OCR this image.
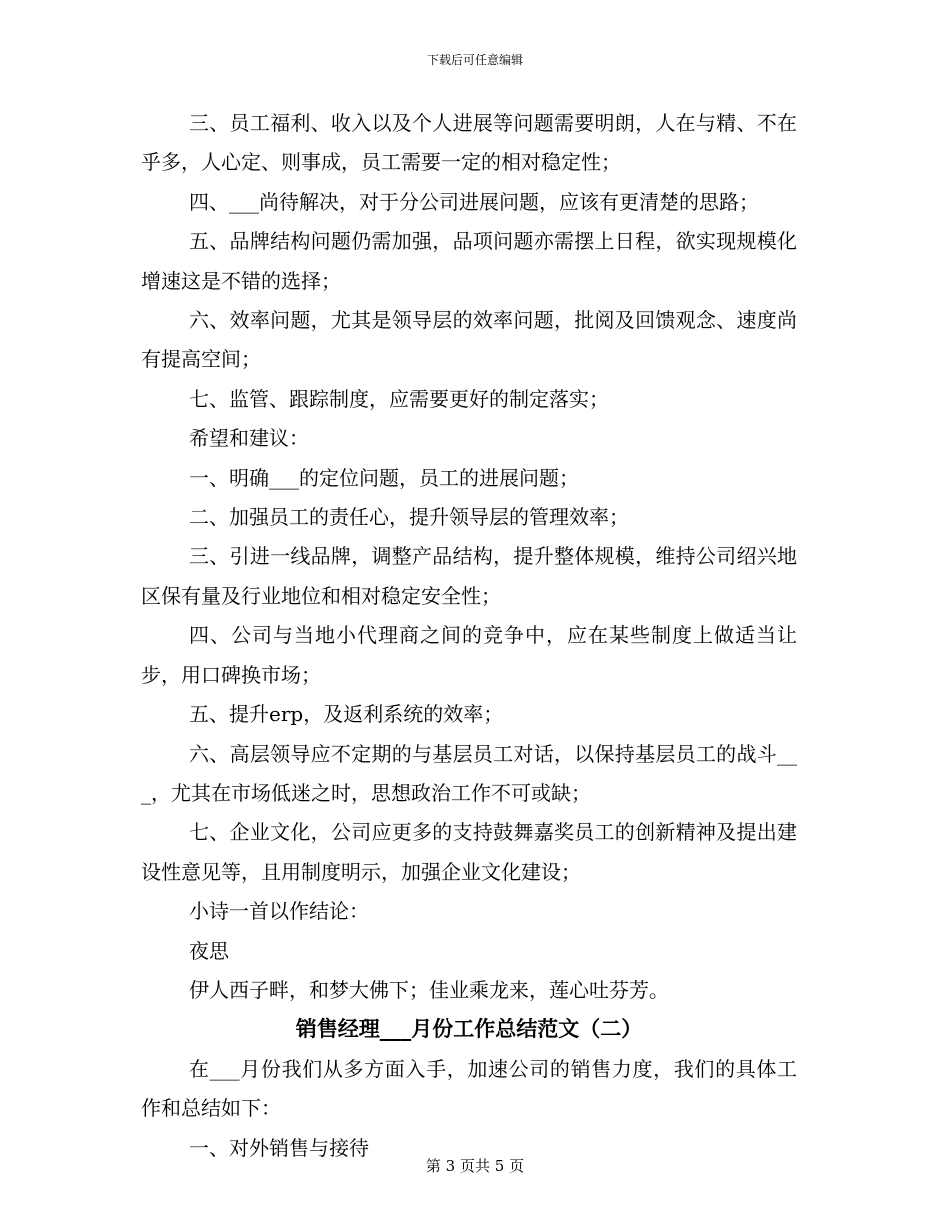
下载后可任意编辑

三、员工福利、收入以及个人进展等问题需要明朗，人在与精、不在乎多，人心定、则事成，员工需要一定的相对稳定性；

四、___尚待解决，对于分公司进展问题，应该有更清楚的思路；

五、品牌结构问题仍需加强，品项问题亦需摆上日程，欲实现规模化增速这是不错的选择；

六、效率问题，尤其是领导层的效率问题，批阅及回馈观念、速度尚有提高空间；

七、监管、跟踪制度，应需要更好的制定落实；

希望和建议：

一、明确___的定位问题，员工的进展问题；

二、加强员工的责任心，提升领导层的管理效率；

三、引进一线品牌，调整产品结构，提升整体规模，维持公司绍兴地区保有量及行业地位和相对稳定安全性；

四、公司与当地小代理商之间的竞争中，应在某些制度上做适当让步，用口碑换市场；

五、提升erp，及返利系统的效率；

六、高层领导应不定期的与基层员工对话，以保持基层员工的战斗___，尤其在市场低迷之时，思想政治工作不可或缺；

七、企业文化，公司应更多的支持鼓舞嘉奖员工的创新精神及提出建设性意见等，且用制度明示，加强企业文化建设；

小诗一首以作结论：

夜思

伊人西子畔，和梦大佛下；佳业乘龙来，莲心吐芬芳。

销售经理___月份工作总结范文（二）

在___月份我们从多方面入手，加速公司的销售力度，我们的具体工作和总结如下：

一、对外销售与接待

第 3 页共 5 页
